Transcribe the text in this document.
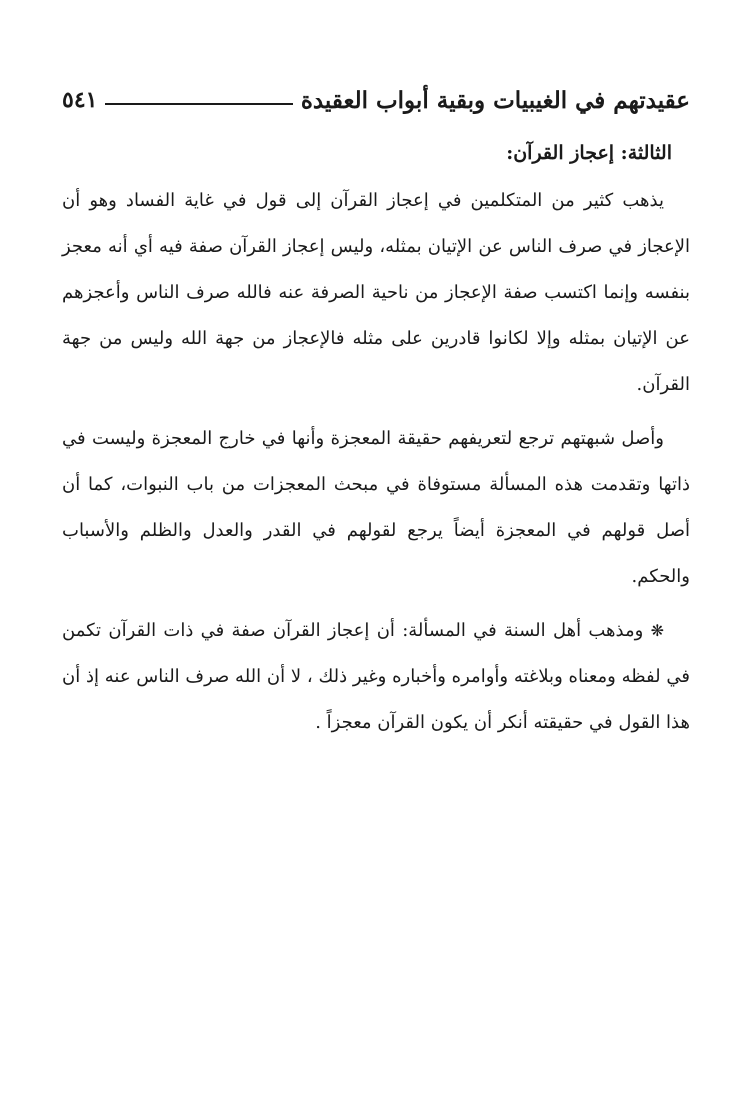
عقيدتهم في الغيبيات وبقية أبواب العقيدة
٥٤١
الثالثة: إعجاز القرآن:

يذهب كثير من المتكلمين في إعجاز القرآن إلى قول في غاية الفساد وهو أن الإعجاز في صرف الناس عن الإتيان بمثله، وليس إعجاز القرآن صفة فيه أي أنه معجز بنفسه وإنما اكتسب صفة الإعجاز من ناحية الصرفة عنه فالله صرف الناس وأعجزهم عن الإتيان بمثله وإلا لكانوا قادرين على مثله فالإعجاز من جهة الله وليس من جهة القرآن.

وأصل شبهتهم ترجع لتعريفهم حقيقة المعجزة وأنها في خارج المعجزة وليست في ذاتها وتقدمت هذه المسألة مستوفاة في مبحث المعجزات من باب النبوات، كما أن أصل قولهم في المعجزة أيضاً يرجع لقولهم في القدر والعدل والظلم والأسباب والحكم.

❋ ومذهب أهل السنة في المسألة: أن إعجاز القرآن صفة في ذات القرآن تكمن في لفظه ومعناه وبلاغته وأوامره وأخباره وغير ذلك ، لا أن الله صرف الناس عنه إذ أن هذا القول في حقيقته أنكر أن يكون القرآن معجزاً .
